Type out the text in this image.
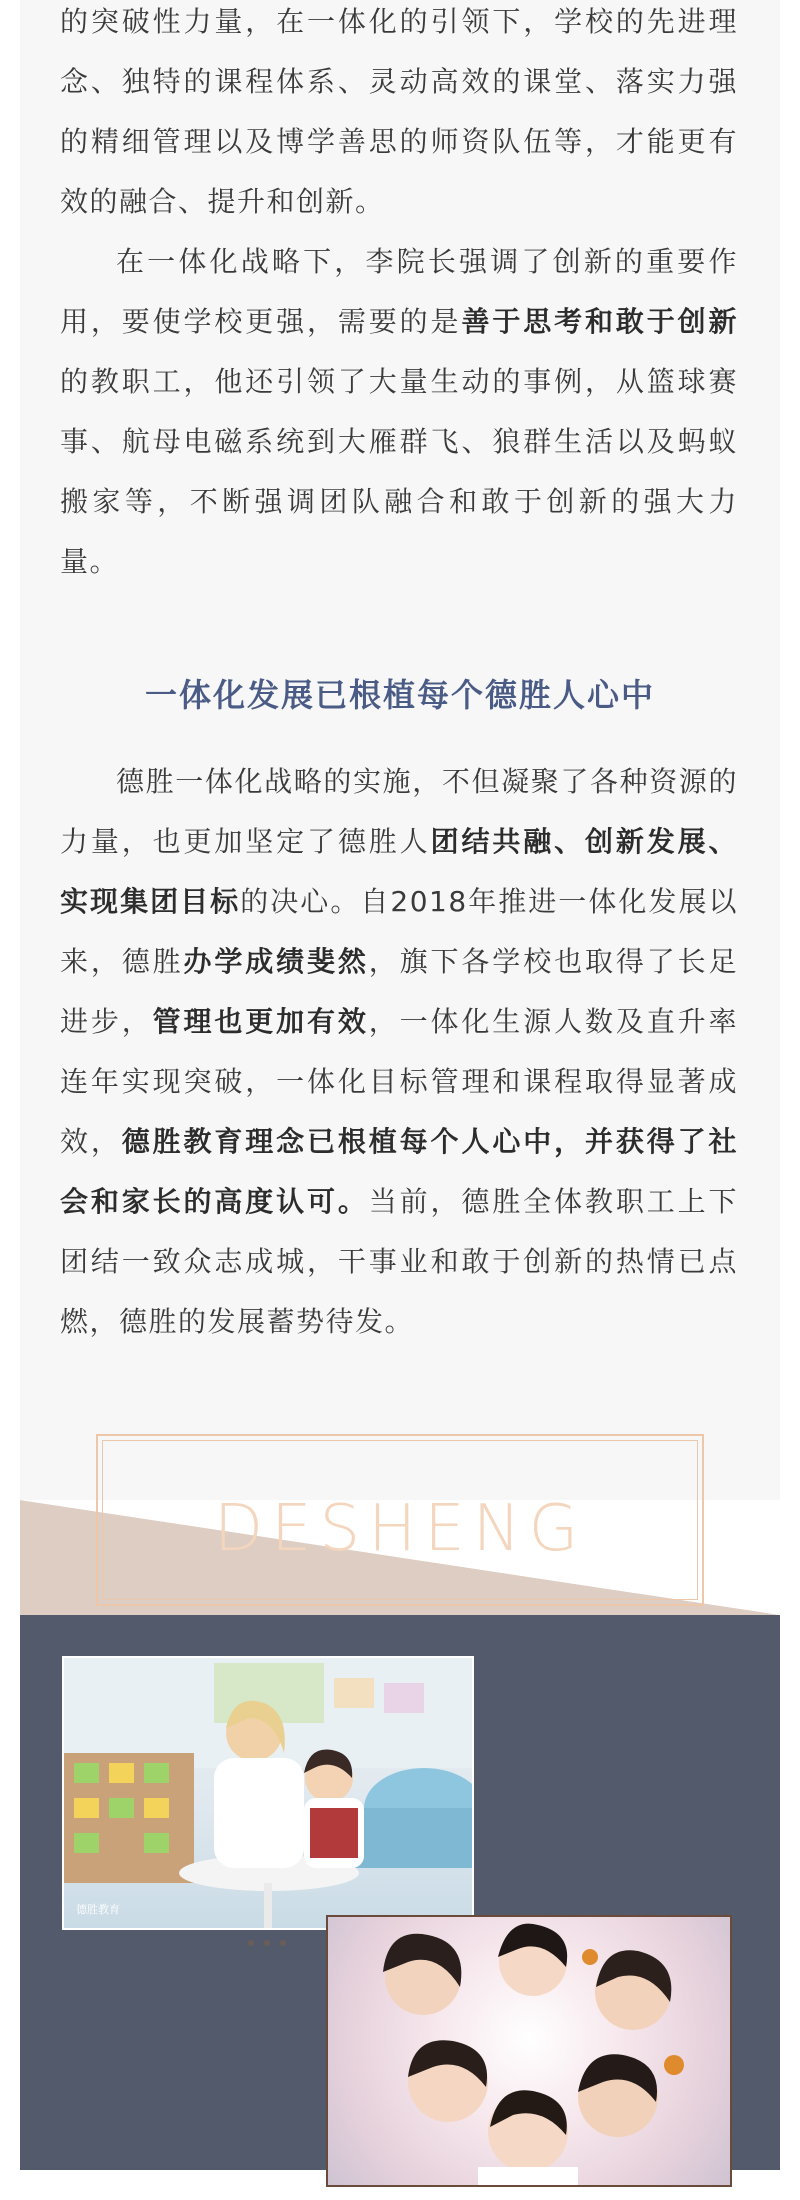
的突破性力量，在一体化的引领下，学校的先进理念、独特的课程体系、灵动高效的课堂、落实力强的精细管理以及博学善思的师资队伍等，才能更有效的融合、提升和创新。

在一体化战略下，李院长强调了创新的重要作用，要使学校更强，需要的是善于思考和敢于创新的教职工，他还引领了大量生动的事例，从篮球赛事、航母电磁系统到大雁群飞、狼群生活以及蚂蚁搬家等，不断强调团队融合和敢于创新的强大力量。

一体化发展已根植每个德胜人心中

德胜一体化战略的实施，不但凝聚了各种资源的力量，也更加坚定了德胜人团结共融、创新发展、实现集团目标的决心。自2018年推进一体化发展以来，德胜办学成绩斐然，旗下各学校也取得了长足进步，管理也更加有效，一体化生源人数及直升率连年实现突破，一体化目标管理和课程取得显著成效，德胜教育理念已根植每个人心中，并获得了社会和家长的高度认可。当前，德胜全体教职工上下团结一致众志成城，干事业和敢于创新的热情已点燃，德胜的发展蓄势待发。

DESHENG
德胜教育
